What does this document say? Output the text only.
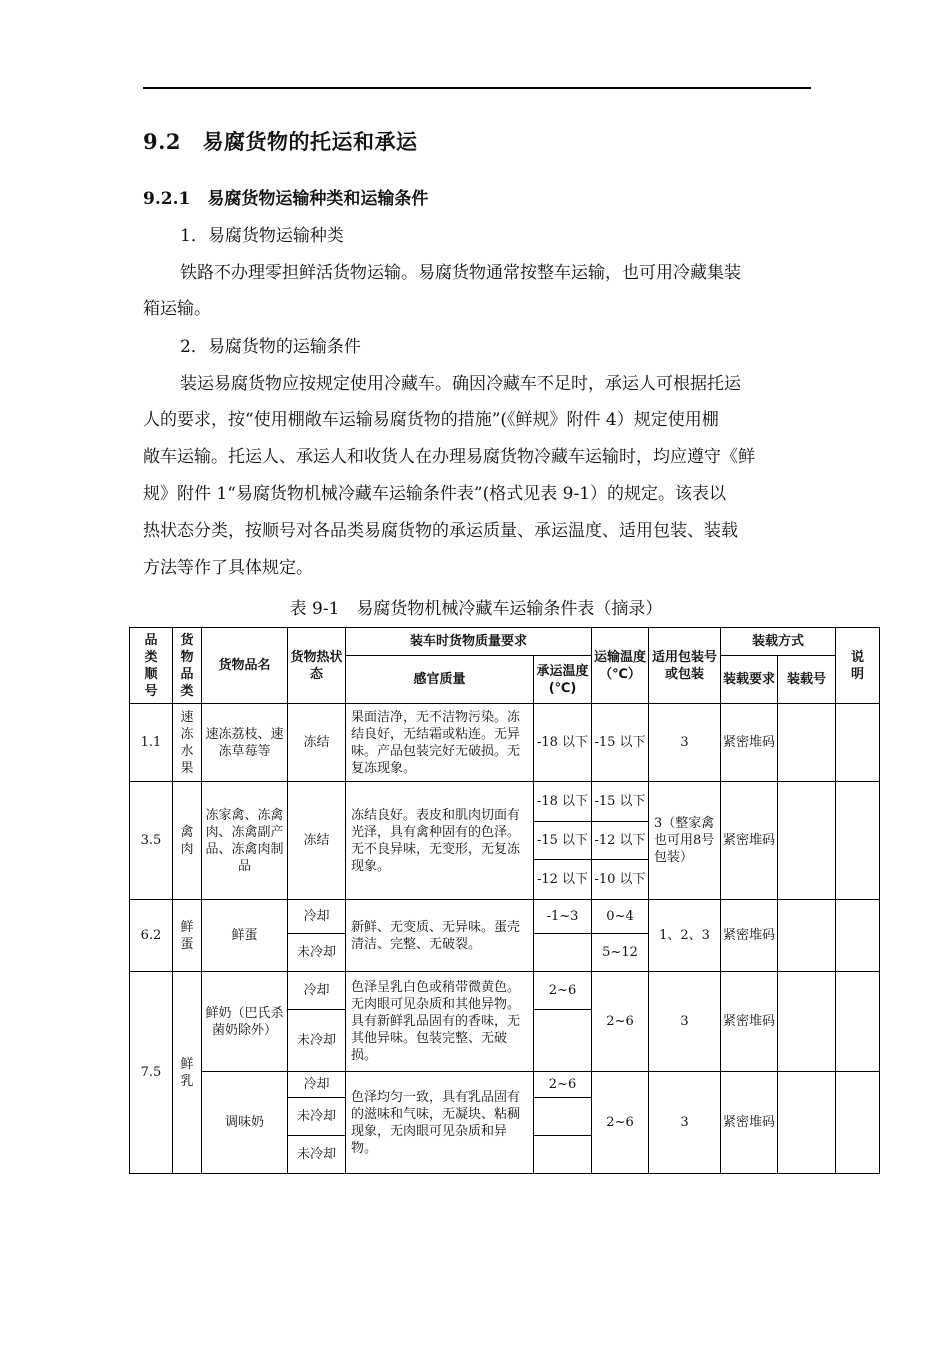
9.2　易腐货物的托运和承运
9.2.1　易腐货物运输种类和运输条件
1．易腐货物运输种类
铁路不办理零担鲜活货物运输。易腐货物通常按整车运输，也可用冷藏集装
箱运输。
2．易腐货物的运输条件
装运易腐货物应按规定使用冷藏车。确因冷藏车不足时，承运人可根据托运
人的要求，按“使用棚敞车运输易腐货物的措施”(《鲜规》附件 4）规定使用棚
敞车运输。托运人、承运人和收货人在办理易腐货物冷藏车运输时，均应遵守《鲜
规》附件 1“易腐货物机械冷藏车运输条件表”(格式见表 9-1）的规定。该表以
热状态分类，按顺号对各品类易腐货物的承运质量、承运温度、适用包装、装载
方法等作了具体规定。
表 9-1　易腐货物机械冷藏车运输条件表（摘录）
品类顺号	货物品类	货物品名	货物热状态	装车时货物质量要求		运输温度（℃）	适用包装号或包装	装载方式		说明

				感官质量	承运温度(℃)			装载要求	装载号	
1.1	速冻水果	速冻荔枝、速冻草莓等	冻结	果面洁净，无不洁物污染。冻结良好，无结霜或粘连。无异味。产品包装完好无破损。无复冻现象。	-18 以下	-15 以下	3	紧密堆码		
3.5	禽肉	冻家禽、冻禽肉、冻禽副产品、冻禽肉制品	冻结	冻结良好。表皮和肌肉切面有光泽，具有禽种固有的色泽。无不良异味，无变形，无复冻现象。	-18 以下	-15 以下	3（整家禽也可用8号包装）	紧密堆码		
					-15 以下	-12 以下				
					-12 以下	-10 以下				
6.2	鲜蛋	鲜蛋	冷却	新鲜、无变质、无异味。蛋壳清洁、完整、无破裂。	-1~3	0~4	1、2、3	紧密堆码		
			未冷却			5~12				
7.5	鲜乳	鲜奶（巴氏杀菌奶除外）	冷却	色泽呈乳白色或稍带微黄色。无肉眼可见杂质和其他异物。具有新鲜乳品固有的香味，无其他异味。包装完整、无破损。	2~6	2~6	3	紧密堆码		
			未冷却							
		调味奶	冷却	色泽均匀一致，具有乳品固有的滋味和气味，无凝块、粘稠现象，无肉眼可见杂质和异物。	2~6	2~6	3	紧密堆码		
			未冷却							
			未冷却							
